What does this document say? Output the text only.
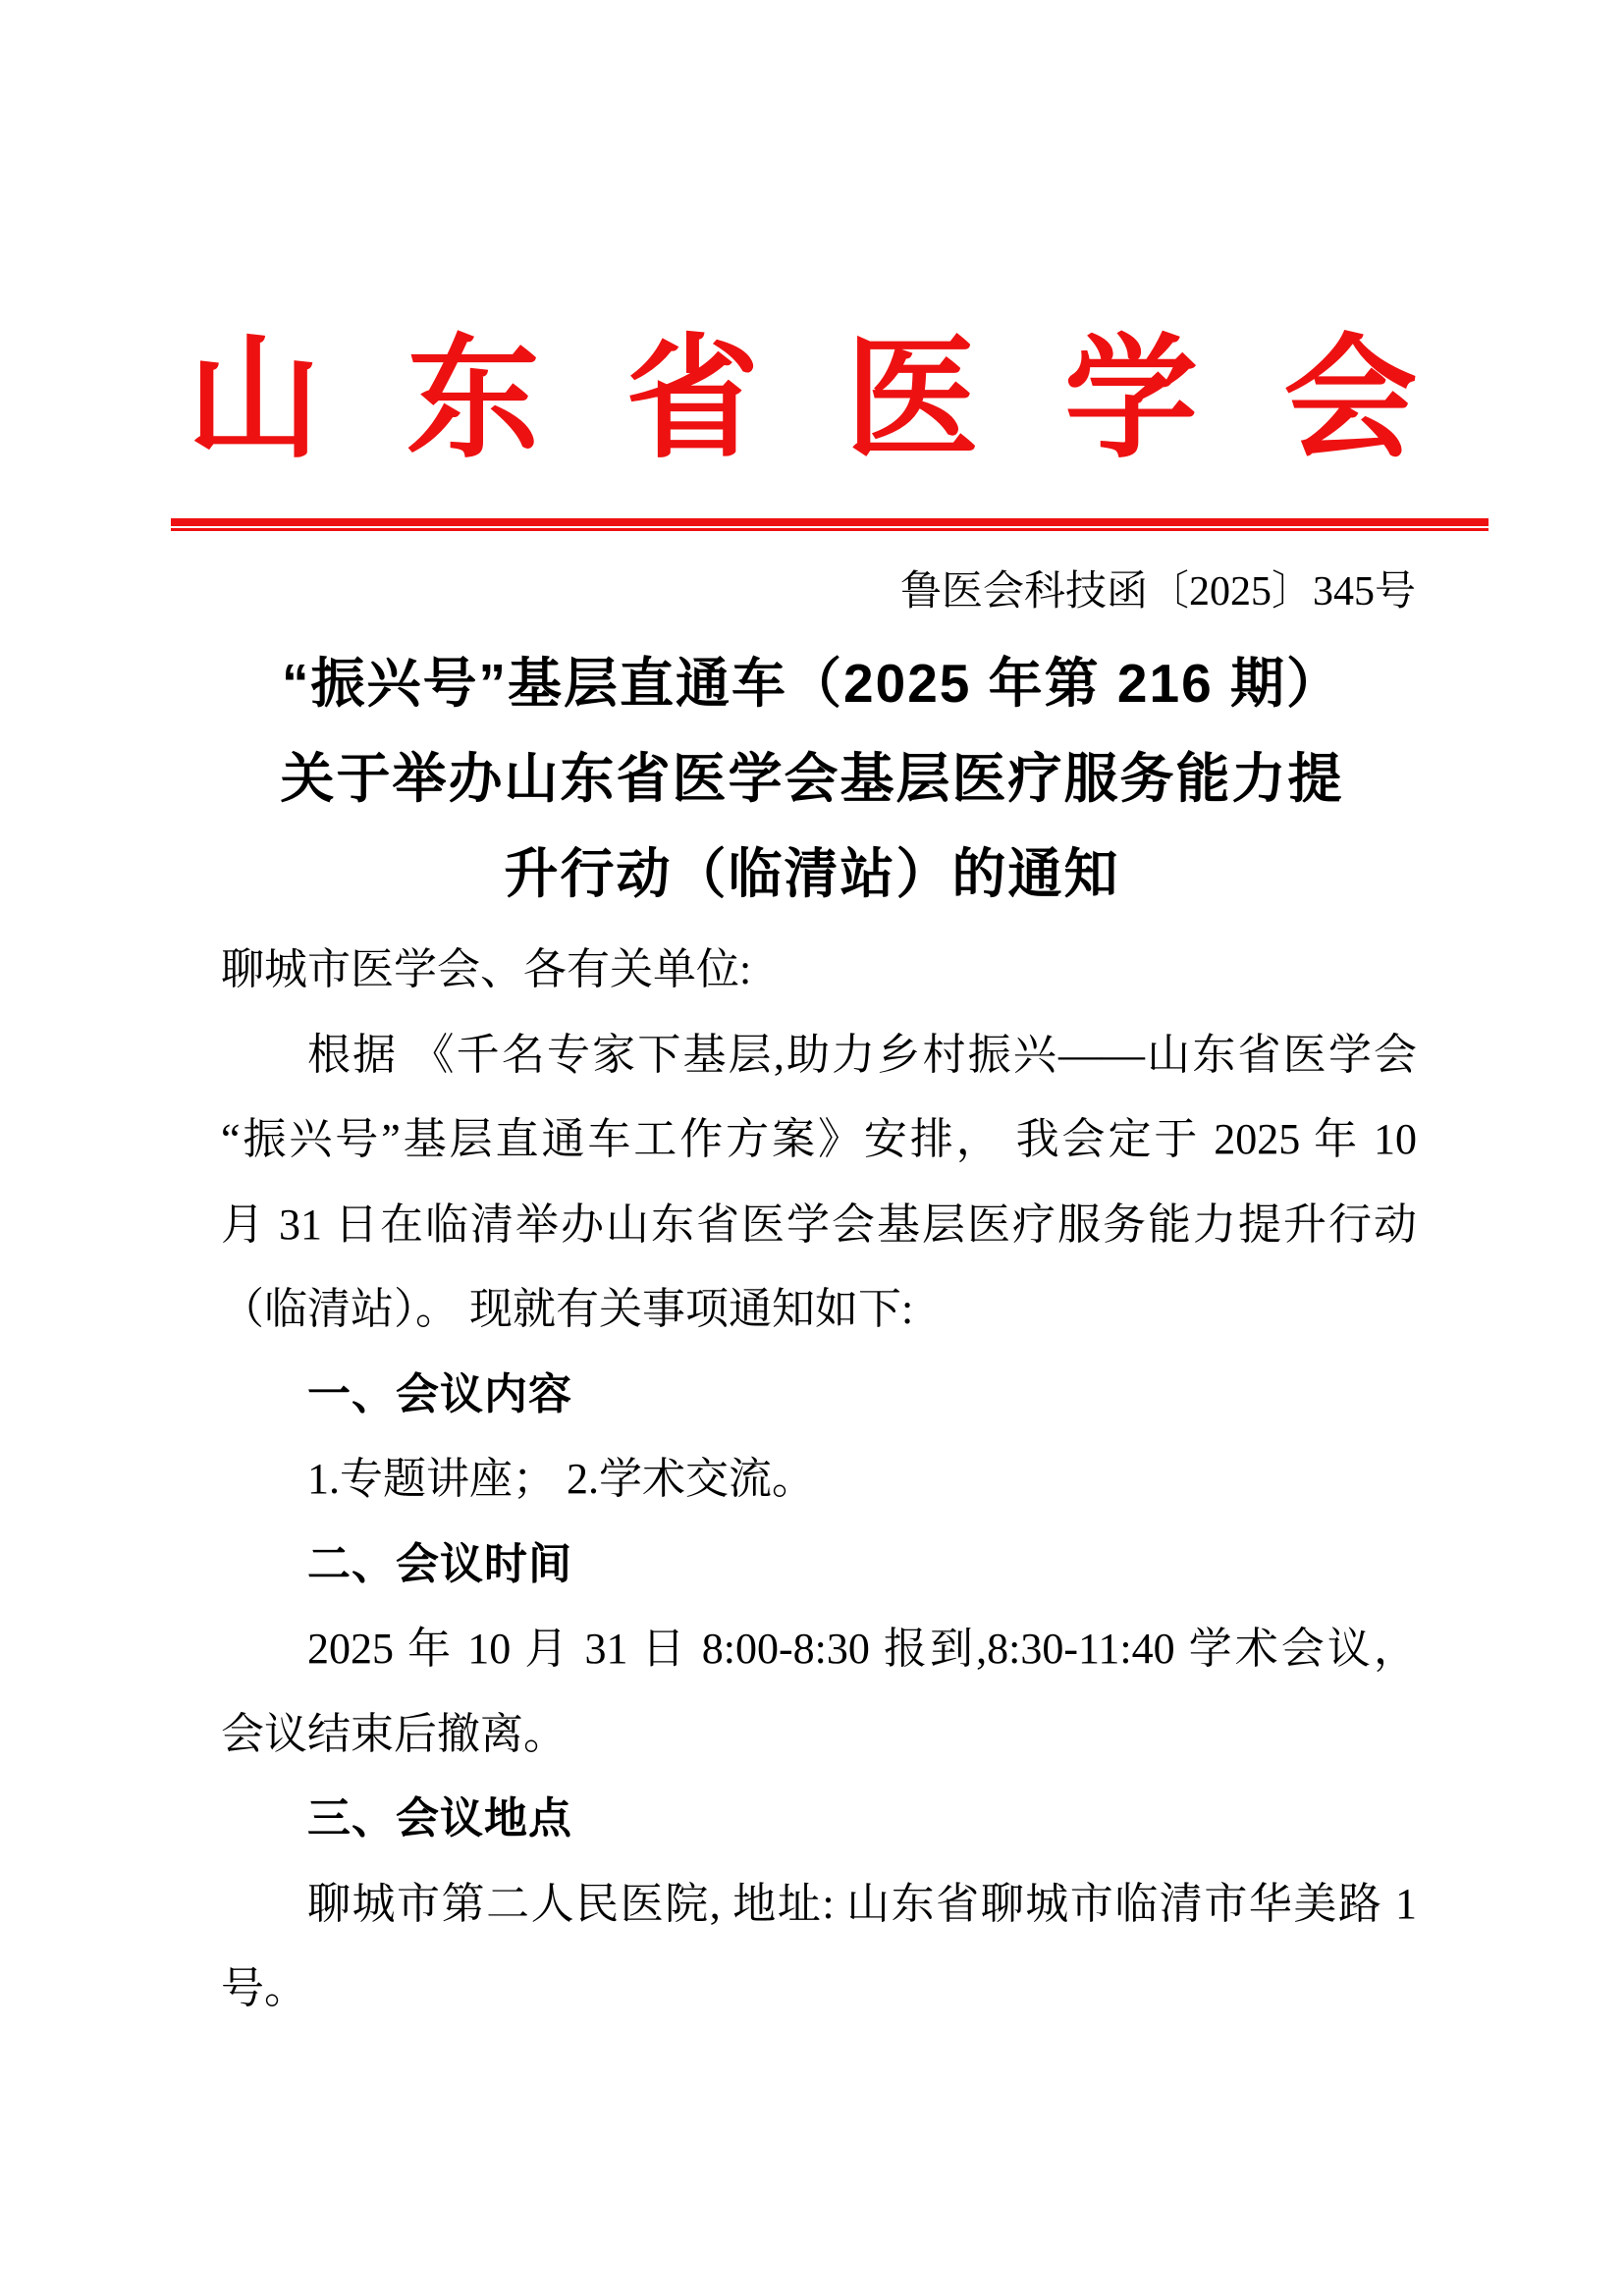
山 东 省 医 学 会
鲁医会科技函〔2025〕345号
“振兴号”基层直通车（2025 年第 216 期）
关于举办山东省医学会基层医疗服务能力提
升行动（临清站）的通知
聊城市医学会、各有关单位:
根据 《千名专家下基层,助力乡村振兴——山东省医学会
“振兴号”基层直通车工作方案》安排， 我会定于 2025 年 10
月 31 日在临清举办山东省医学会基层医疗服务能力提升行动
（临清站）。 现就有关事项通知如下:
一、会议内容
1.专题讲座； 2.学术交流。
二、会议时间
2025 年 10 月 31 日 8:00-8:30 报到,8:30-11:40 学术会议，
会议结束后撤离。
三、会议地点
聊城市第二人民医院, 地址: 山东省聊城市临清市华美路 1
号。
